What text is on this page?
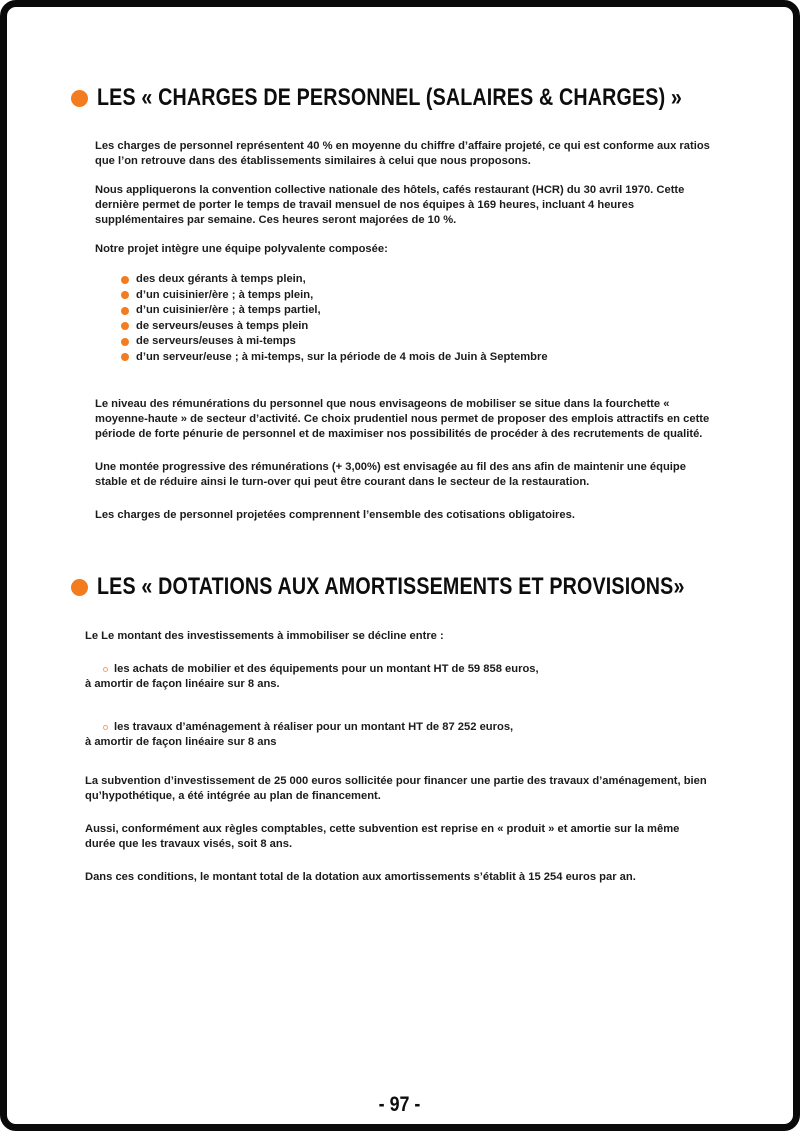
LES « CHARGES DE PERSONNEL (SALAIRES & CHARGES) »

Les charges de personnel représentent 40 % en moyenne du chiffre d’affaire projeté, ce qui est conforme aux ratios que l’on retrouve dans des établissements similaires à celui que nous proposons.

Nous appliquerons la convention collective nationale des hôtels, cafés restaurant (HCR) du 30 avril 1970. Cette dernière permet de porter le temps de travail mensuel de nos équipes à 169 heures, incluant 4 heures supplémentaires par semaine. Ces heures seront majorées de 10 %.

Notre projet intègre une équipe polyvalente composée:

des deux gérants à temps plein,
d’un cuisinier/ère ; à temps plein,
d’un cuisinier/ère ; à temps partiel,
de serveurs/euses à temps plein
de serveurs/euses à mi-temps
d’un serveur/euse ; à mi-temps, sur la période de 4 mois de Juin à Septembre

Le niveau des rémunérations du personnel que nous envisageons de mobiliser se situe dans la fourchette « moyenne-haute » de secteur d’activité. Ce choix prudentiel nous permet de proposer des emplois attractifs en cette période de forte pénurie de personnel et de maximiser nos possibilités de procéder à des recrutements de qualité.

Une montée progressive des rémunérations (+ 3,00%) est envisagée au fil des ans afin de maintenir une équipe stable et de réduire ainsi le turn-over qui peut être courant dans le secteur de la restauration.

Les charges de personnel projetées comprennent l’ensemble des cotisations obligatoires.

LES « DOTATIONS AUX AMORTISSEMENTS ET PROVISIONS»

Le Le montant des investissements à immobiliser se décline entre :

les achats de mobilier et des équipements pour un montant HT de 59 858 euros,
à amortir de façon linéaire sur 8 ans.
les travaux d’aménagement à réaliser pour un montant HT de 87 252 euros,
à amortir de façon linéaire sur 8 ans

La subvention d’investissement de 25 000 euros sollicitée pour financer une partie des travaux d’aménagement, bien qu’hypothétique, a été intégrée au plan de financement.

Aussi, conformément aux règles comptables, cette subvention est reprise en « produit » et amortie sur la même durée que les travaux visés, soit 8 ans.

Dans ces conditions, le montant total de la dotation aux amortissements s’établit à 15 254 euros par an.

- 97 -
